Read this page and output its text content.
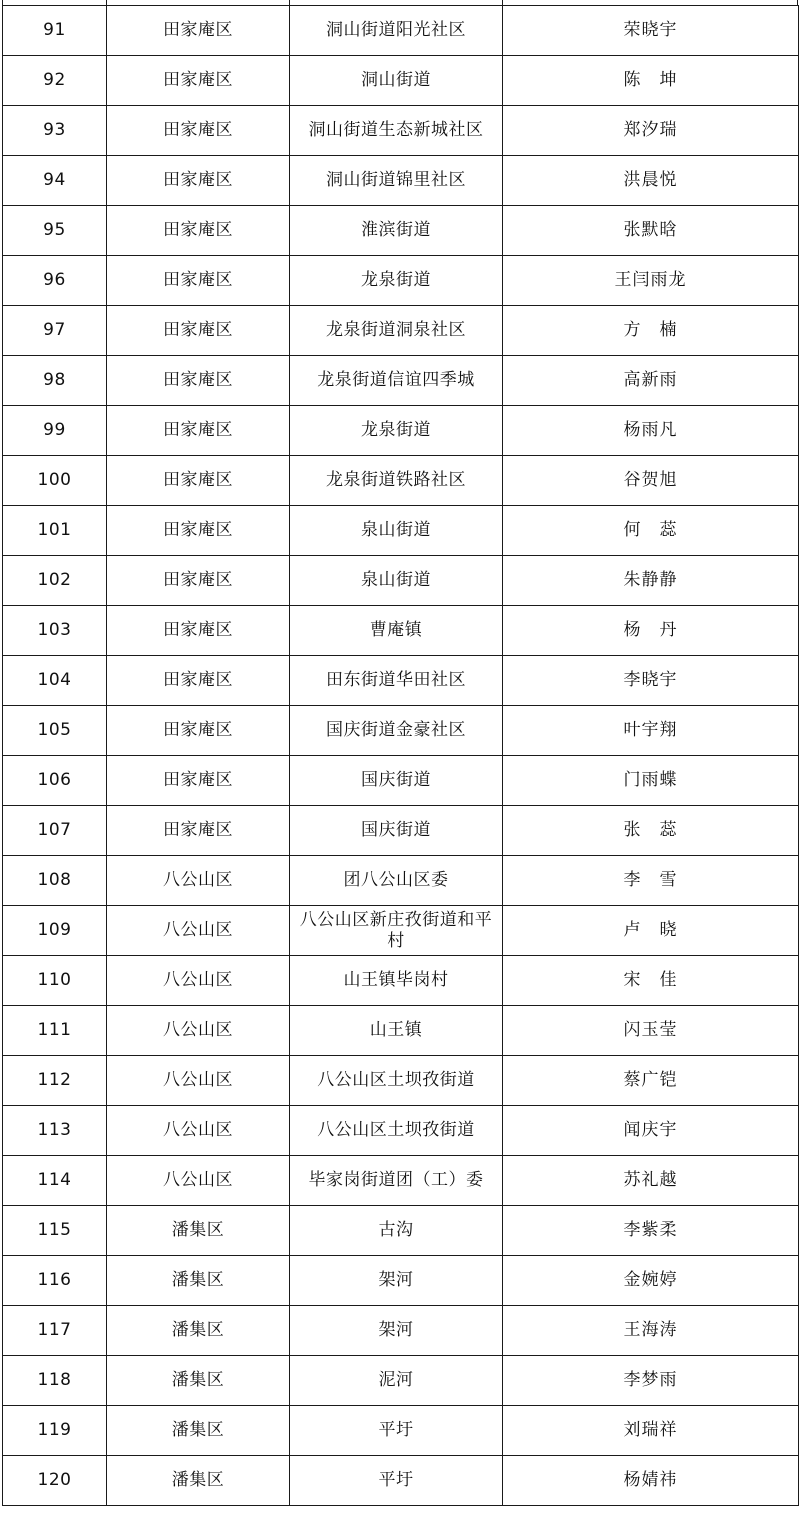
91	田家庵区	洞山街道阳光社区	荣晓宇
92	田家庵区	洞山街道	陈　坤
93	田家庵区	洞山街道生态新城社区	郑汐瑞
94	田家庵区	洞山街道锦里社区	洪晨悦
95	田家庵区	淮滨街道	张默晗
96	田家庵区	龙泉街道	王闫雨龙
97	田家庵区	龙泉街道洞泉社区	方　楠
98	田家庵区	龙泉街道信谊四季城	高新雨
99	田家庵区	龙泉街道	杨雨凡
100	田家庵区	龙泉街道铁路社区	谷贺旭
101	田家庵区	泉山街道	何　蕊
102	田家庵区	泉山街道	朱静静
103	田家庵区	曹庵镇	杨　丹
104	田家庵区	田东街道华田社区	李晓宇
105	田家庵区	国庆街道金豪社区	叶宇翔
106	田家庵区	国庆街道	门雨蝶
107	田家庵区	国庆街道	张　蕊
108	八公山区	团八公山区委	李　雪
109	八公山区	八公山区新庄孜街道和平村	卢　晓
110	八公山区	山王镇毕岗村	宋　佳
111	八公山区	山王镇	闪玉莹
112	八公山区	八公山区土坝孜街道	蔡广铠
113	八公山区	八公山区土坝孜街道	闻庆宇
114	八公山区	毕家岗街道团（工）委	苏礼越
115	潘集区	古沟	李紫柔
116	潘集区	架河	金婉婷
117	潘集区	架河	王海涛
118	潘集区	泥河	李梦雨
119	潘集区	平圩	刘瑞祥
120	潘集区	平圩	杨婧祎
